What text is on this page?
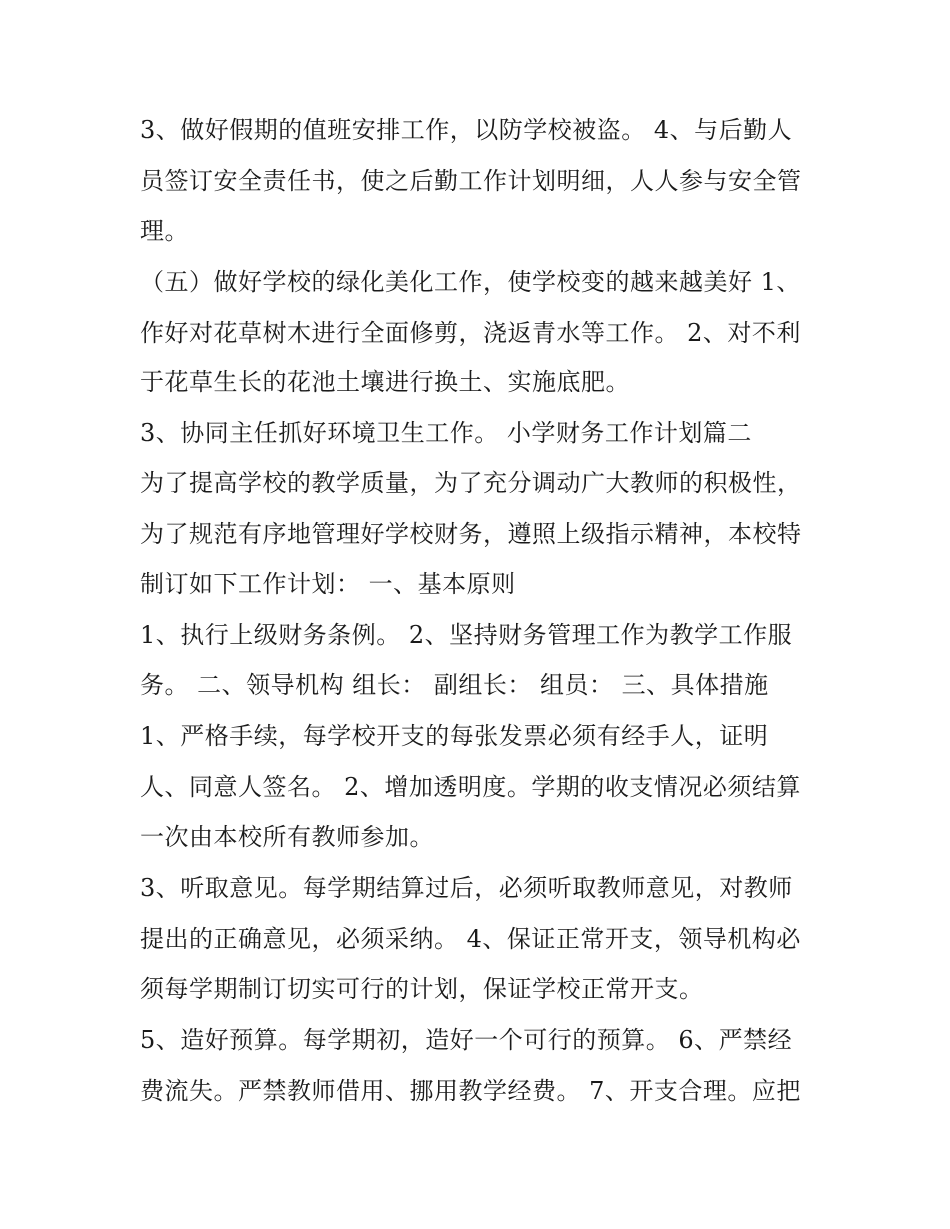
3、做好假期的值班安排工作，以防学校被盗。 4、与后勤人
员签订安全责任书，使之后勤工作计划明细，人人参与安全管
理。
（五）做好学校的绿化美化工作，使学校变的越来越美好 1、
作好对花草树木进行全面修剪，浇返青水等工作。 2、对不利
于花草生长的花池土壤进行换土、实施底肥。
3、协同主任抓好环境卫生工作。 小学财务工作计划篇二
为了提高学校的教学质量，为了充分调动广大教师的积极性，
为了规范有序地管理好学校财务，遵照上级指示精神，本校特
制订如下工作计划： 一、基本原则
1、执行上级财务条例。 2、坚持财务管理工作为教学工作服
务。 二、领导机构 组长： 副组长： 组员： 三、具体措施
1、严格手续，每学校开支的每张发票必须有经手人，证明
人、同意人签名。 2、增加透明度。学期的收支情况必须结算
一次由本校所有教师参加。
3、听取意见。每学期结算过后，必须听取教师意见，对教师
提出的正确意见，必须采纳。 4、保证正常开支，领导机构必
须每学期制订切实可行的计划，保证学校正常开支。
5、造好预算。每学期初，造好一个可行的预算。 6、严禁经
费流失。严禁教师借用、挪用教学经费。 7、开支合理。应把
